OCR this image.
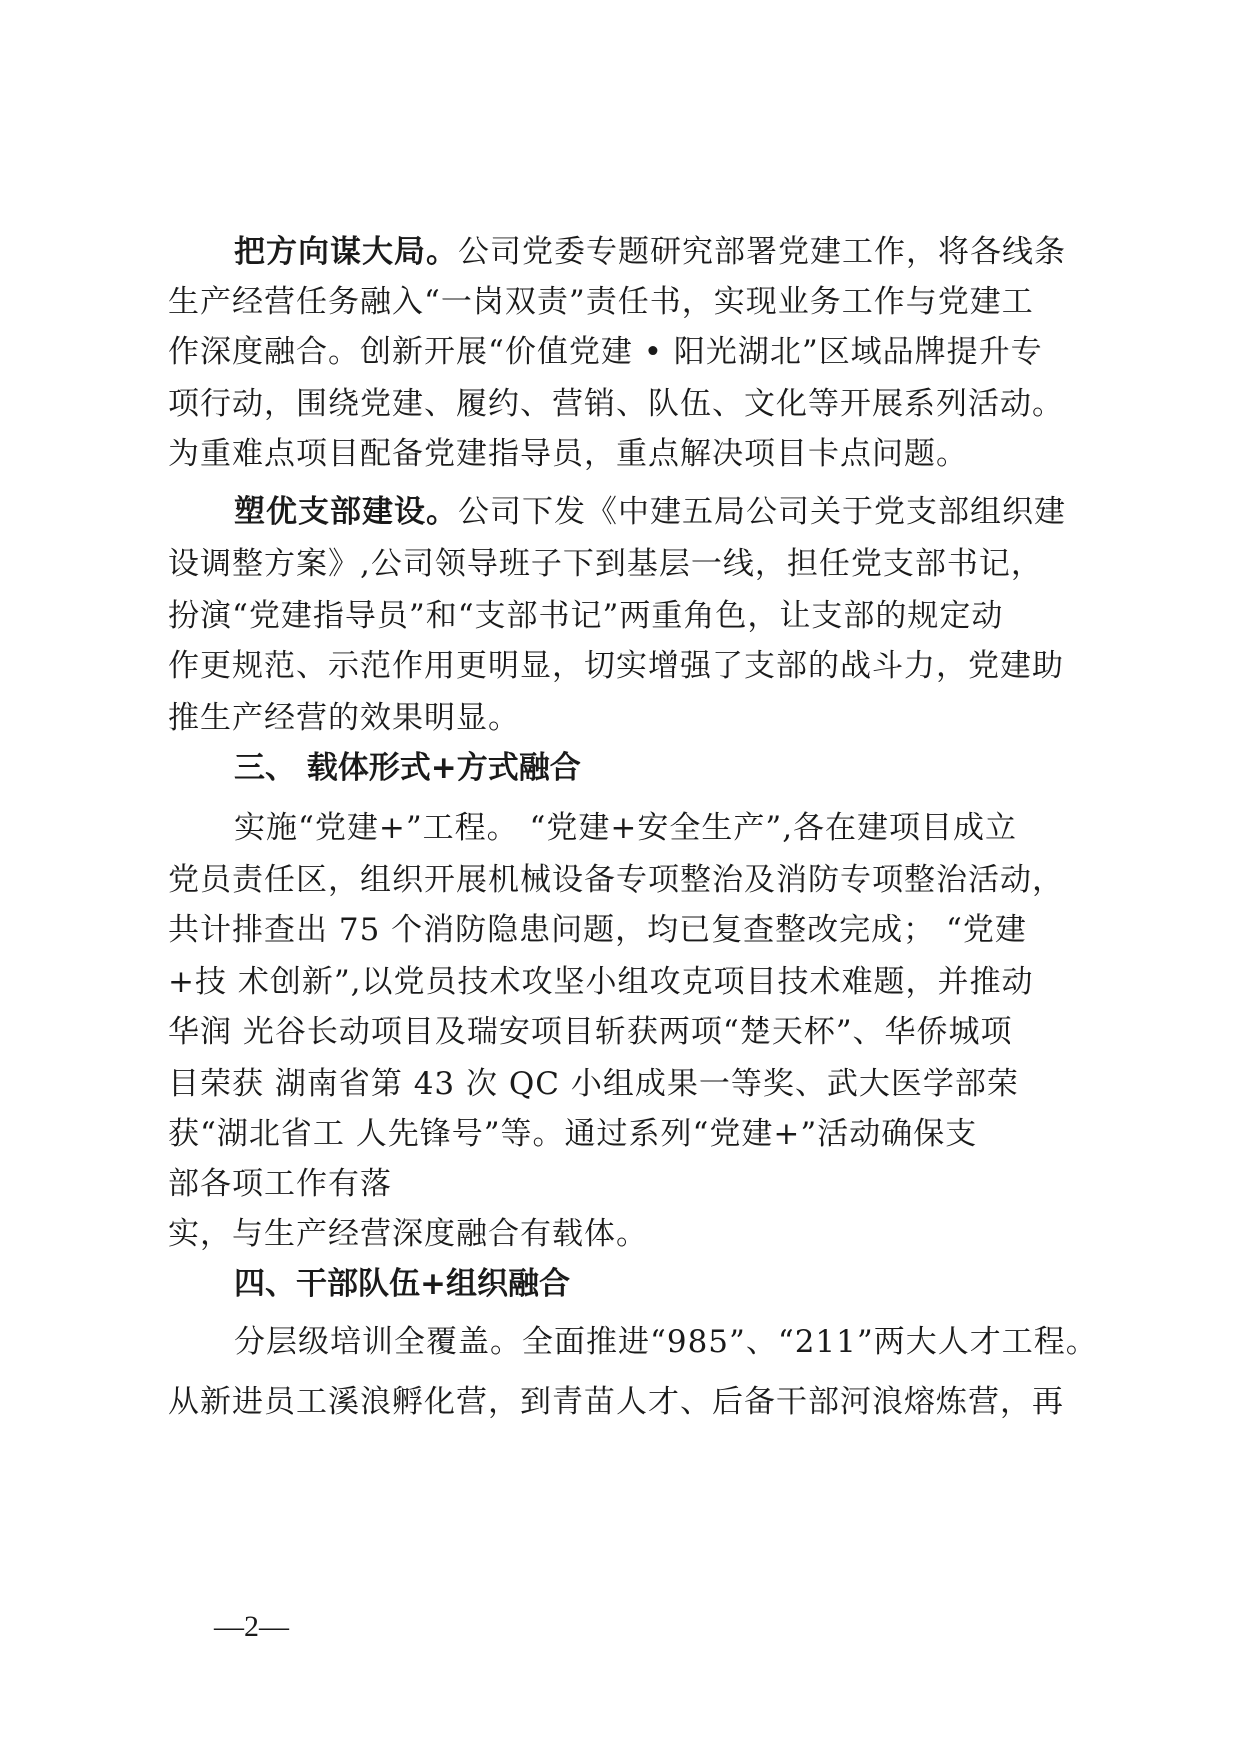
把方向谋大局。公司党委专题研究部署党建工作，将各线条
生产经营任务融入“一岗双责”责任书，实现业务工作与党建工
作深度融合。创新开展“价值党建 • 阳光湖北”区域品牌提升专
项行动，围绕党建、履约、营销、队伍、文化等开展系列活动。
为重难点项目配备党建指导员，重点解决项目卡点问题。
塑优支部建设。公司下发《中建五局公司关于党支部组织建
设调整方案》,公司领导班子下到基层一线，担任党支部书记，
扮演“党建指导员”和“支部书记”两重角色，让支部的规定动
作更规范、示范作用更明显，切实增强了支部的战斗力，党建助
推生产经营的效果明显。
三、 载体形式+方式融合
实施“党建+”工程。 “党建+安全生产”,各在建项目成立
党员责任区，组织开展机械设备专项整治及消防专项整治活动，
共计排查出 75 个消防隐患问题，均已复查整改完成； “党建
+技 术创新”,以党员技术攻坚小组攻克项目技术难题，并推动
华润 光谷长动项目及瑞安项目斩获两项“楚天杯”、华侨城项
目荣获 湖南省第 43 次 QC 小组成果一等奖、武大医学部荣
获“湖北省工 人先锋号”等。通过系列“党建+”活动确保支
部各项工作有落
实，与生产经营深度融合有载体。
四、干部队伍+组织融合
分层级培训全覆盖。全面推进“985”、“211”两大人才工程。
从新进员工溪浪孵化营，到青苗人才、后备干部河浪熔炼营，再
—2—
